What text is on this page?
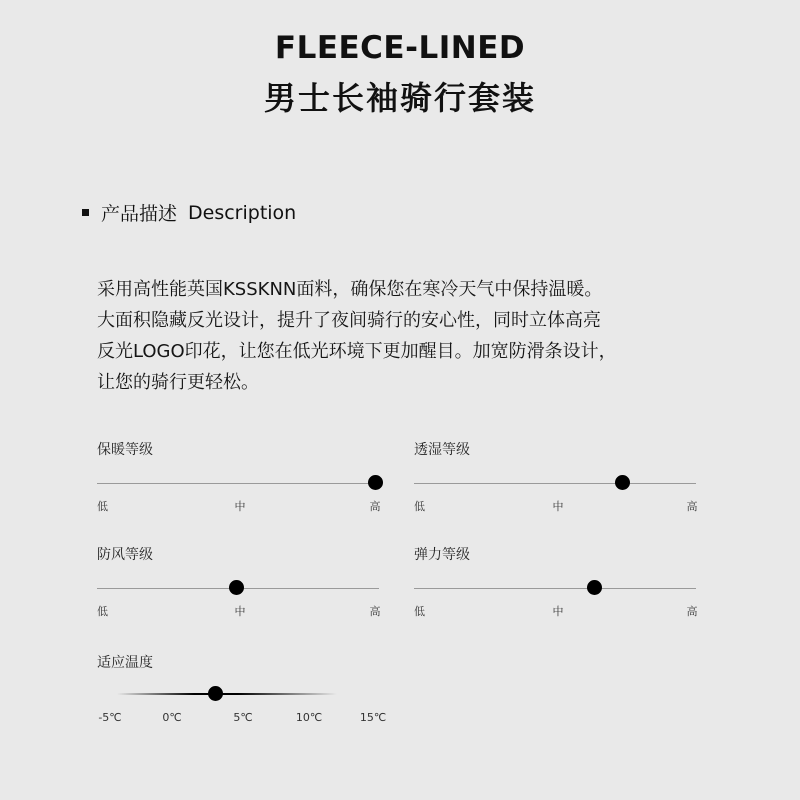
FLEECE-LINED
男士长袖骑行套装
产品描述 Description
采用高性能英国KSSKNN面料，确保您在寒冷天气中保持温暖。
大面积隐藏反光设计，提升了夜间骑行的安心性，同时立体高亮
反光LOGO印花，让您在低光环境下更加醒目。加宽防滑条设计，
让您的骑行更轻松。
保暖等级
低	中	高
透湿等级
低	中	高
防风等级
低	中	高
弹力等级
低	中	高
适应温度
-5℃	0℃	5℃	10℃	15℃
